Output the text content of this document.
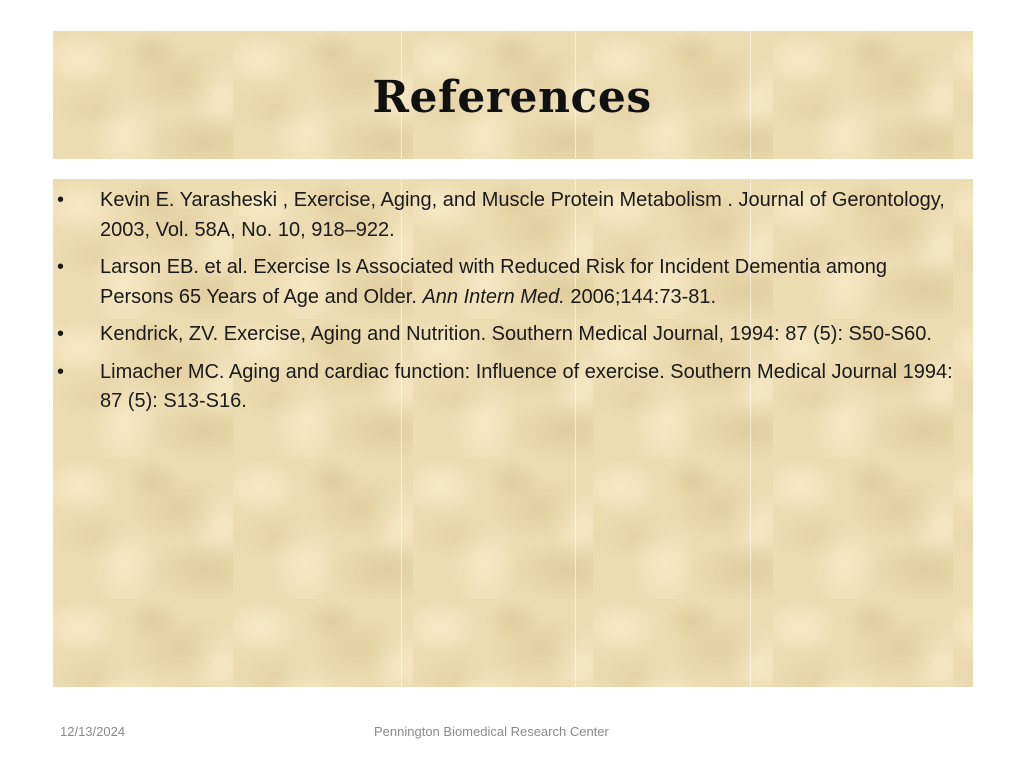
References
• Kevin E. Yarasheski , Exercise, Aging, and Muscle Protein Metabolism . Journal of Gerontology, 2003, Vol. 58A, No. 10, 918–922.
• Larson EB. et al. Exercise Is Associated with Reduced Risk for Incident Dementia among Persons 65 Years of Age and Older. Ann Intern Med. 2006;144:73-81.
• Kendrick, ZV. Exercise, Aging and Nutrition. Southern Medical Journal, 1994: 87 (5): S50-S60.
• Limacher MC. Aging and cardiac function: Influence of exercise. Southern Medical Journal 1994: 87 (5): S13-S16.
12/13/2024	Pennington Biomedical Research Center
